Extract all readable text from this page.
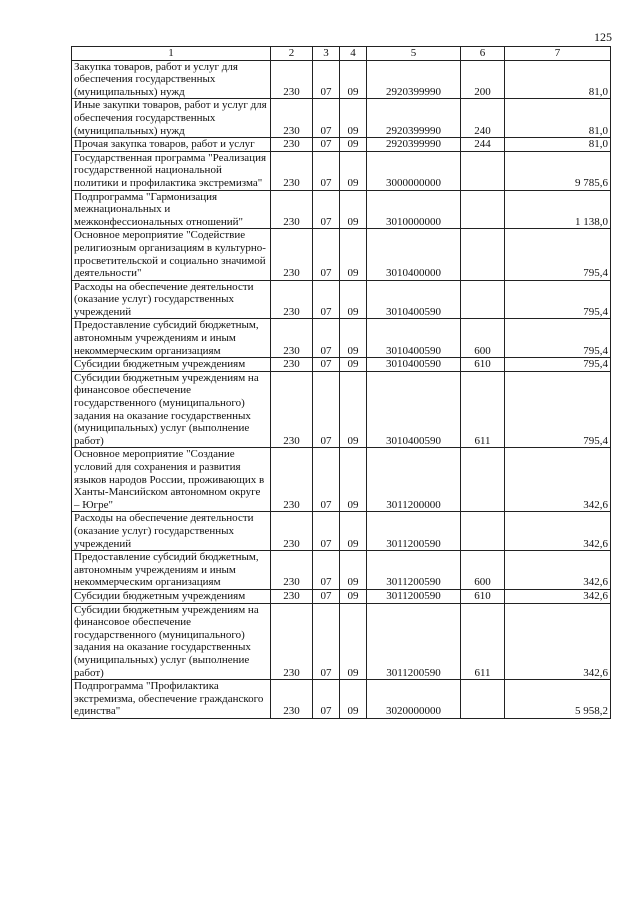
125
1	2	3	4	5	6	7
Закупка товаров, работ и услуг для обеспечения государственных (муниципальных) нужд	230	07	09	2920399990	200	81,0
Иные закупки товаров, работ и услуг для обеспечения государственных (муниципальных) нужд	230	07	09	2920399990	240	81,0
Прочая закупка товаров, работ и услуг	230	07	09	2920399990	244	81,0
Государственная программа "Реализация государственной национальной политики и профилактика экстремизма"	230	07	09	3000000000		9 785,6
Подпрограмма "Гармонизация межнациональных и межконфессиональных отношений"	230	07	09	3010000000		1 138,0
Основное мероприятие "Содействие религиозным организациям в культурно-просветительской и социально значимой деятельности"	230	07	09	3010400000		795,4
Расходы на обеспечение деятельности (оказание услуг) государственных учреждений	230	07	09	3010400590		795,4
Предоставление субсидий бюджетным, автономным учреждениям и иным некоммерческим организациям	230	07	09	3010400590	600	795,4
Субсидии бюджетным учреждениям	230	07	09	3010400590	610	795,4
Субсидии бюджетным учреждениям на финансовое обеспечение государственного (муниципального) задания на оказание государственных (муниципальных) услуг (выполнение работ)	230	07	09	3010400590	611	795,4
Основное мероприятие "Создание условий для сохранения и развития языков народов России, проживающих в Ханты-Мансийском автономном округе – Югре"	230	07	09	3011200000		342,6
Расходы на обеспечение деятельности (оказание услуг) государственных учреждений	230	07	09	3011200590		342,6
Предоставление субсидий бюджетным, автономным учреждениям и иным некоммерческим организациям	230	07	09	3011200590	600	342,6
Субсидии бюджетным учреждениям	230	07	09	3011200590	610	342,6
Субсидии бюджетным учреждениям на финансовое обеспечение государственного (муниципального) задания на оказание государственных (муниципальных) услуг (выполнение работ)	230	07	09	3011200590	611	342,6
Подпрограмма "Профилактика экстремизма, обеспечение гражданского единства"	230	07	09	3020000000		5 958,2
